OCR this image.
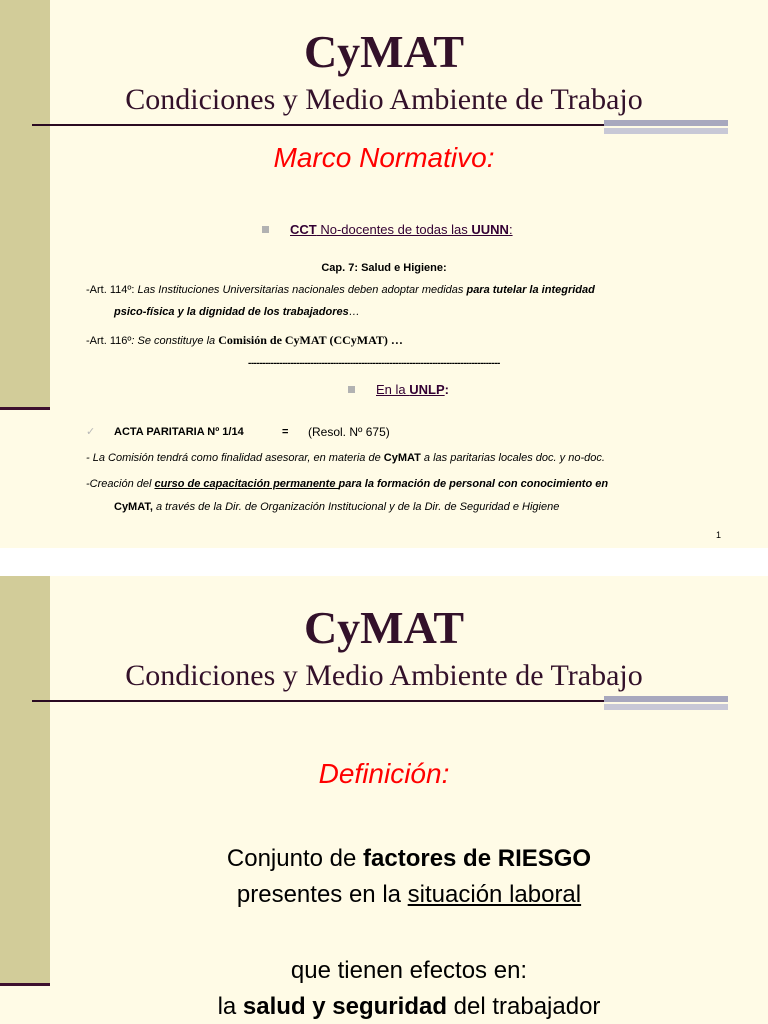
CyMAT
Condiciones y Medio Ambiente de Trabajo
Marco Normativo:
CCT No-docentes de todas las UUNN:
Cap. 7: Salud e Higiene:
-Art. 114º: Las Instituciones Universitarias nacionales deben adoptar medidas para tutelar la integridad
psico-física y la dignidad de los trabajadores…
-Art. 116º: Se constituye la Comisión de CyMAT (CCyMAT) …
-----------------------------------------------------------------------------------------
En la UNLP:
✓ ACTA PARITARIA Nº 1/14	= (Resol. Nº 675)
- La Comisión tendrá como finalidad asesorar, en materia de CyMAT a las paritarias locales doc. y no-doc.
-Creación del curso de capacitación permanente para la formación de personal con conocimiento en
CyMAT, a través de la Dir. de Organización Institucional y de la Dir. de Seguridad e Higiene
1
CyMAT
Condiciones y Medio Ambiente de Trabajo
Definición:
Conjunto de factores de RIESGO
presentes en la situación laboral
que tienen efectos en:
la salud y seguridad del trabajador
